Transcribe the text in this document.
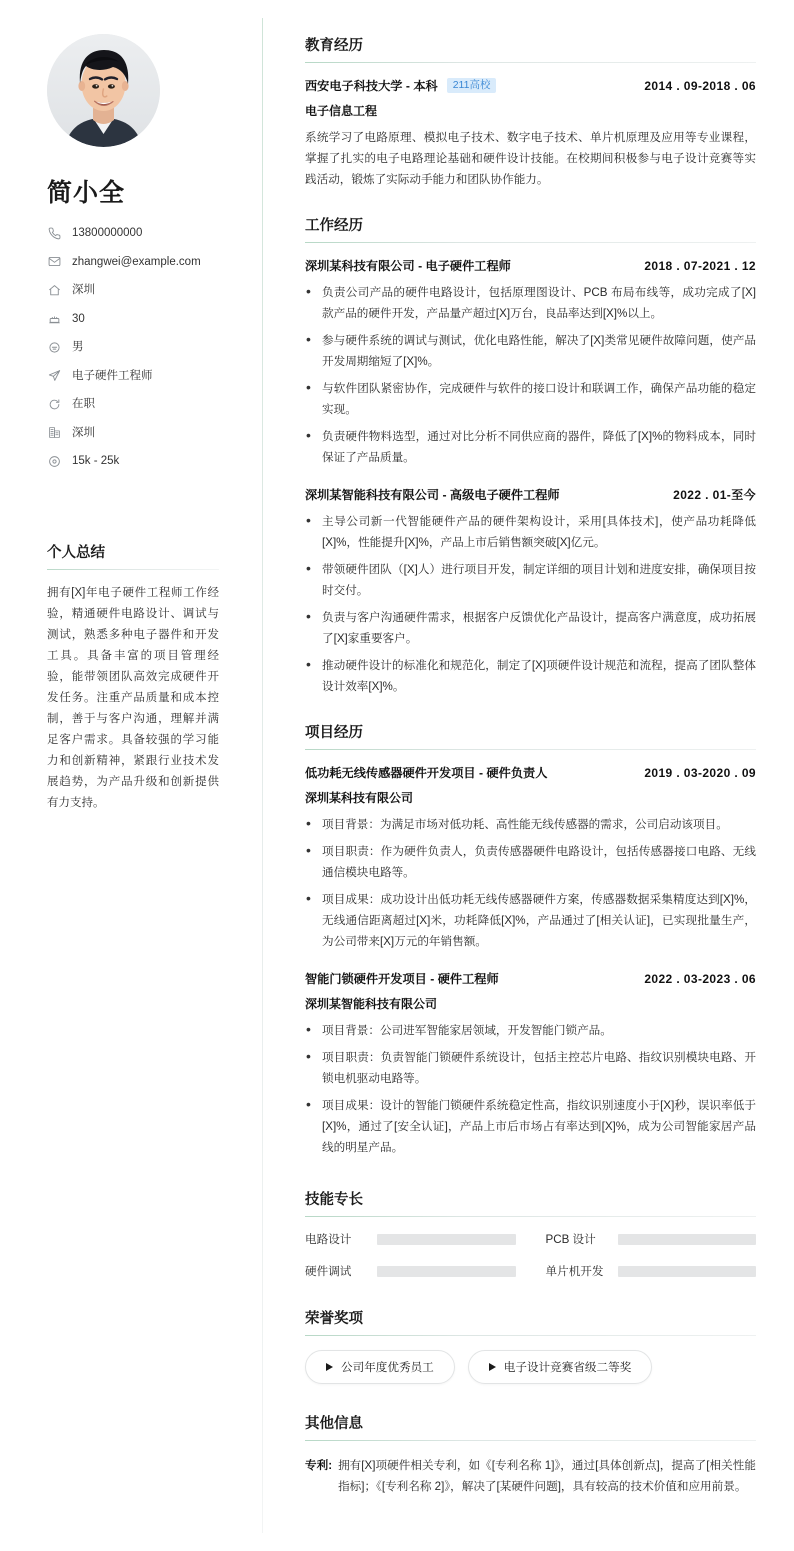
简小全
13800000000
zhangwei@example.com
深圳
30
男
电子硬件工程师
在职
深圳
15k - 25k
个人总结

拥有[X]年电子硬件工程师工作经验，精通硬件电路设计、调试与测试，熟悉多种电子器件和开发工具。具备丰富的项目管理经验，能带领团队高效完成硬件开发任务。注重产品质量和成本控制，善于与客户沟通，理解并满足客户需求。具备较强的学习能力和创新精神，紧跟行业技术发展趋势，为产品升级和创新提供有力支持。

教育经历
西安电子科技大学 - 本科	211高校	2014 . 09-2018 . 06
电子信息工程

系统学习了电路原理、模拟电子技术、数字电子技术、单片机原理及应用等专业课程，掌握了扎实的电子电路理论基础和硬件设计技能。在校期间积极参与电子设计竞赛等实践活动，锻炼了实际动手能力和团队协作能力。

工作经历
深圳某科技有限公司 - 电子硬件工程师	2018 . 07-2021 . 12
• 负责公司产品的硬件电路设计，包括原理图设计、PCB 布局布线等，成功完成了[X]款产品的硬件开发，产品量产超过[X]万台，良品率达到[X]%以上。
• 参与硬件系统的调试与测试，优化电路性能，解决了[X]类常见硬件故障问题，使产品开发周期缩短了[X]%。
• 与软件团队紧密协作，完成硬件与软件的接口设计和联调工作，确保产品功能的稳定实现。
• 负责硬件物料选型，通过对比分析不同供应商的器件，降低了[X]%的物料成本，同时保证了产品质量。
深圳某智能科技有限公司 - 高级电子硬件工程师	2022 . 01-至今
• 主导公司新一代智能硬件产品的硬件架构设计，采用[具体技术]，使产品功耗降低[X]%，性能提升[X]%，产品上市后销售额突破[X]亿元。
• 带领硬件团队（[X]人）进行项目开发，制定详细的项目计划和进度安排，确保项目按时交付。
• 负责与客户沟通硬件需求，根据客户反馈优化产品设计，提高客户满意度，成功拓展了[X]家重要客户。
• 推动硬件设计的标准化和规范化，制定了[X]项硬件设计规范和流程，提高了团队整体设计效率[X]%。
项目经历
低功耗无线传感器硬件开发项目 - 硬件负责人	2019 . 03-2020 . 09
深圳某科技有限公司
• 项目背景：为满足市场对低功耗、高性能无线传感器的需求，公司启动该项目。
• 项目职责：作为硬件负责人，负责传感器硬件电路设计，包括传感器接口电路、无线通信模块电路等。
• 项目成果：成功设计出低功耗无线传感器硬件方案，传感器数据采集精度达到[X]%，无线通信距离超过[X]米，功耗降低[X]%，产品通过了[相关认证]，已实现批量生产，为公司带来[X]万元的年销售额。
智能门锁硬件开发项目 - 硬件工程师	2022 . 03-2023 . 06
深圳某智能科技有限公司
• 项目背景：公司进军智能家居领域，开发智能门锁产品。
• 项目职责：负责智能门锁硬件系统设计，包括主控芯片电路、指纹识别模块电路、开锁电机驱动电路等。
• 项目成果：设计的智能门锁硬件系统稳定性高，指纹识别速度小于[X]秒，误识率低于[X]%，通过了[安全认证]，产品上市后市场占有率达到[X]%，成为公司智能家居产品线的明星产品。
技能专长
电路设计	PCB 设计
硬件调试	单片机开发
荣誉奖项
公司年度优秀员工	电子设计竞赛省级二等奖
其他信息
专利: 拥有[X]项硬件相关专利，如《[专利名称 1]》，通过[具体创新点]，提高了[相关性能指标]；《[专利名称 2]》，解决了[某硬件问题]，具有较高的技术价值和应用前景。
